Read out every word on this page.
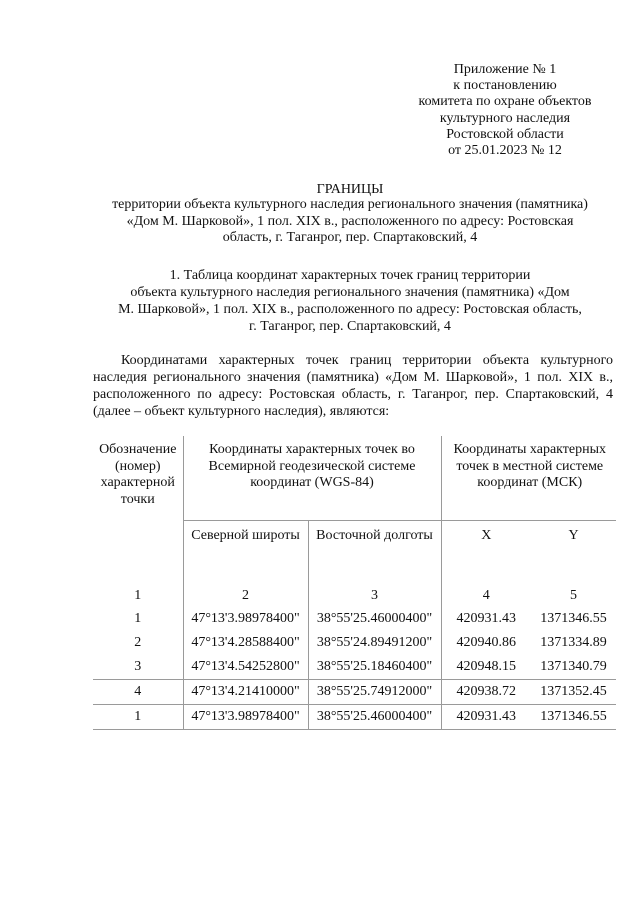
Приложение № 1
к постановлению
комитета по охране объектов
культурного наследия
Ростовской области
от 25.01.2023 № 12
ГРАНИЦЫ
территории объекта культурного наследия регионального значения (памятника)
«Дом М. Шарковой», 1 пол. XIX в., расположенного по адресу: Ростовская
область, г. Таганрог, пер. Спартаковский, 4
1. Таблица координат характерных точек границ территории
объекта культурного наследия регионального значения (памятника) «Дом
М. Шарковой», 1 пол. XIX в., расположенного по адресу: Ростовская область,
г. Таганрог, пер. Спартаковский, 4
Координатами характерных точек границ территории объекта культурного наследия регионального значения (памятника) «Дом М. Шарковой», 1 пол. XIX в., расположенного по адресу: Ростовская область, г. Таганрог, пер. Спартаковский, 4 (далее – объект культурного наследия), являются:
Обозначение (номер) характерной точки	Координаты характерных точек во Всемирной геодезической системе координат (WGS-84)		Координаты характерных точек в местной системе координат (МСК)	

	Северной широты	Восточной долготы	X	Y

1	2	3	4	5
1	47°13'3.98978400"	38°55'25.46000400"	420931.43	1371346.55
2	47°13'4.28588400"	38°55'24.89491200"	420940.86	1371334.89
3	47°13'4.54252800"	38°55'25.18460400"	420948.15	1371340.79
4	47°13'4.21410000"	38°55'25.74912000"	420938.72	1371352.45
1	47°13'3.98978400"	38°55'25.46000400"	420931.43	1371346.55
